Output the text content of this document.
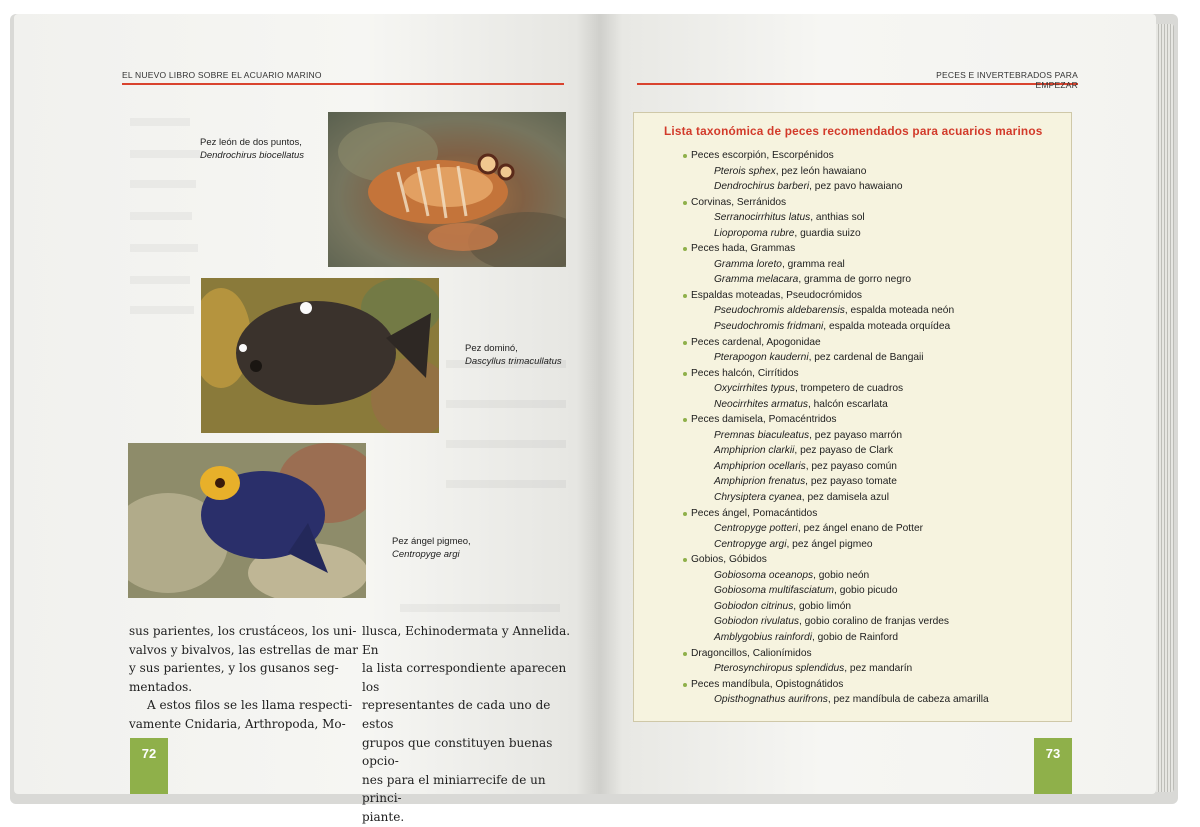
EL NUEVO LIBRO SOBRE EL ACUARIO MARINO
Pez león de dos puntos,
Dendrochirus biocellatus
Pez dominó,
Dascyllus trimacullatus
Pez ángel pigmeo,
Centropyge argi

sus parientes, los crustáceos, los uni-

valvos y bivalvos, las estrellas de mar

y sus parientes, y los gusanos seg-

mentados.

A estos filos se les llama respecti-

vamente Cnidaria, Arthropoda, Mo-

llusca, Echinodermata y Annelida. En

la lista correspondiente aparecen los

representantes de cada uno de estos

grupos que constituyen buenas opcio-

nes para el miniarrecife de un princi-

piante.

72
PECES E INVERTEBRADOS PARA EMPEZAR
Lista taxonómica de peces recomendados para acuarios marinos
Peces escorpión, Escorpénidos
Pterois sphex, pez león hawaiano
Dendrochirus barberi, pez pavo hawaiano
Corvinas, Serránidos
Serranocirrhitus latus, anthias sol
Liopropoma rubre, guardia suizo
Peces hada, Grammas
Gramma loreto, gramma real
Gramma melacara, gramma de gorro negro
Espaldas moteadas, Pseudocrómidos
Pseudochromis aldebarensis, espalda moteada neón
Pseudochromis fridmani, espalda moteada orquídea
Peces cardenal, Apogonidae
Pterapogon kauderni, pez cardenal de Bangaii
Peces halcón, Cirrítidos
Oxycirrhites typus, trompetero de cuadros
Neocirrhites armatus, halcón escarlata
Peces damisela, Pomacéntridos
Premnas biaculeatus, pez payaso marrón
Amphiprion clarkii, pez payaso de Clark
Amphiprion ocellaris, pez payaso común
Amphiprion frenatus, pez payaso tomate
Chrysiptera cyanea, pez damisela azul
Peces ángel, Pomacántidos
Centropyge potteri, pez ángel enano de Potter
Centropyge argi, pez ángel pigmeo
Gobios, Góbidos
Gobiosoma oceanops, gobio neón
Gobiosoma multifasciatum, gobio picudo
Gobiodon citrinus, gobio limón
Gobiodon rivulatus, gobio coralino de franjas verdes
Amblygobius rainfordi, gobio de Rainford
Dragoncillos, Calionímidos
Pterosynchiropus splendidus, pez mandarín
Peces mandíbula, Opistognátidos
Opisthognathus aurifrons, pez mandíbula de cabeza amarilla
73
